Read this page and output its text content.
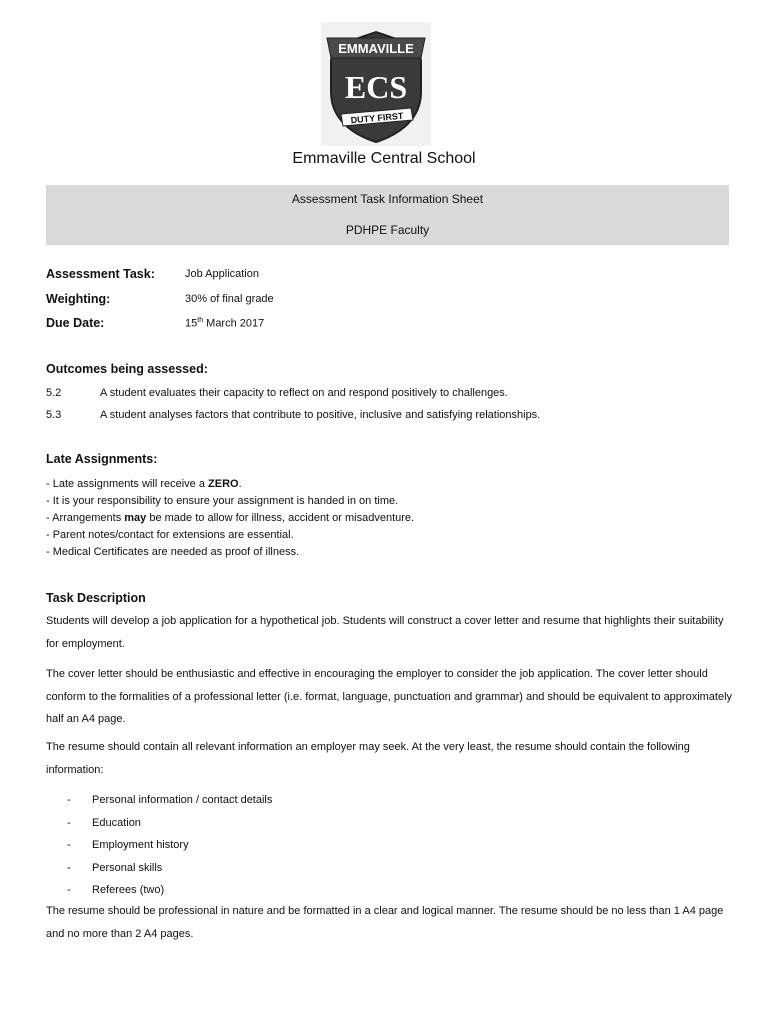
EMMAVILLE
ECS
DUTY FIRST
Emmaville Central School
Assessment Task Information Sheet
PDHPE Faculty
Assessment Task:	Job Application
Weighting:	30% of final grade
Due Date:	15th March 2017
Outcomes being assessed:
5.2	A student evaluates their capacity to reflect on and respond positively to challenges.
5.3	A student analyses factors that contribute to positive, inclusive and satisfying relationships.
Late Assignments:
- Late assignments will receive a ZERO.
- It is your responsibility to ensure your assignment is handed in on time.
- Arrangements may be made to allow for illness, accident or misadventure.
- Parent notes/contact for extensions are essential.
- Medical Certificates are needed as proof of illness.
Task Description
Students will develop a job application for a hypothetical job. Students will construct a cover letter and resume that highlights their suitability for employment.
The cover letter should be enthusiastic and effective in encouraging the employer to consider the job application. The cover letter should conform to the formalities of a professional letter (i.e. format, language, punctuation and grammar) and should be equivalent to approximately half an A4 page.
The resume should contain all relevant information an employer may seek. At the very least, the resume should contain the following information:
- Personal information / contact details
- Education
- Employment history
- Personal skills
- Referees (two)
The resume should be professional in nature and be formatted in a clear and logical manner. The resume should be no less than 1 A4 page and no more than 2 A4 pages.
